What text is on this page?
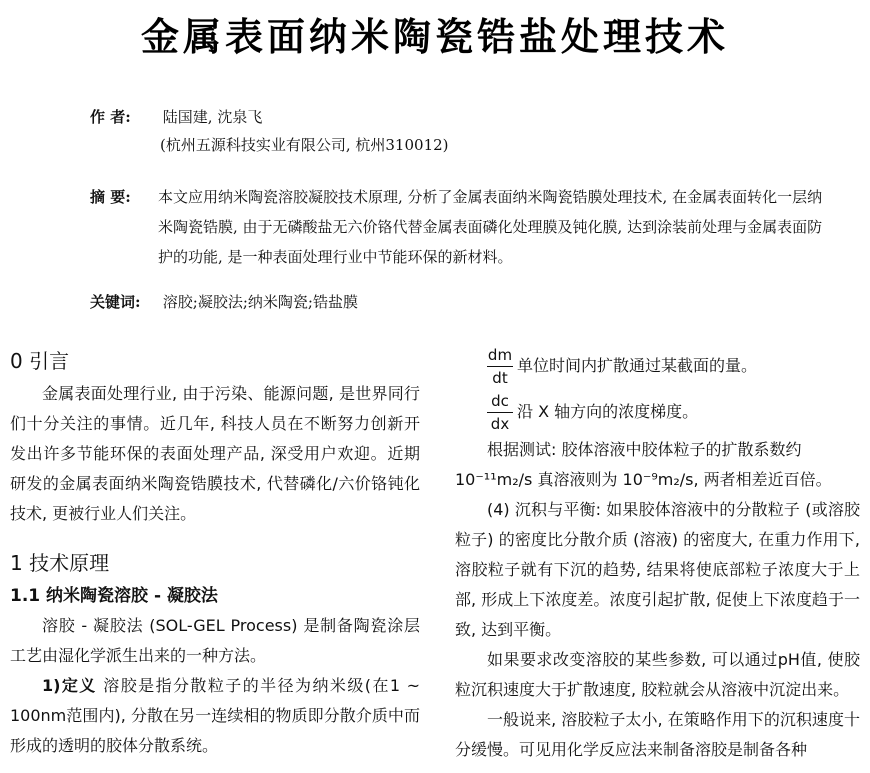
金属表面纳米陶瓷锆盐处理技术
作 者: 陆国建, 沈泉飞
(杭州五源科技实业有限公司, 杭州310012)
摘 要:	本文应用纳米陶瓷溶胶凝胶技术原理, 分析了金属表面纳米陶瓷锆膜处理技术, 在金属表面转化一层纳米陶瓷锆膜, 由于无磷酸盐无六价铬代替金属表面磷化处理膜及钝化膜, 达到涂装前处理与金属表面防护的功能, 是一种表面处理行业中节能环保的新材料。
关键词: 溶胶;凝胶法;纳米陶瓷;锆盐膜
0 引言

金属表面处理行业, 由于污染、能源问题, 是世界同行们十分关注的事情。近几年, 科技人员在不断努力创新开发出许多节能环保的表面处理产品, 深受用户欢迎。近期研发的金属表面纳米陶瓷锆膜技术, 代替磷化/六价铬钝化技术, 更被行业人们关注。

1 技术原理
1.1 纳米陶瓷溶胶 - 凝胶法

溶胶 - 凝胶法 (SOL-GEL Process) 是制备陶瓷涂层工艺由湿化学派生出来的一种方法。

1)定义 溶胶是指分散粒子的半径为纳米级(在1 ~ 100nm范围内), 分散在另一连续相的物质即分散介质中而形成的透明的胶体分散系统。

$\frac{dm}{dt}$ 单位时间内扩散通过某截面的量。
$\frac{dc}{dx}$ 沿 X 轴方向的浓度梯度。

根据测试: 胶体溶液中胶体粒子的扩散系数约

10⁻¹¹m₂/s 真溶液则为 10⁻⁹m₂/s, 两者相差近百倍。

(4) 沉积与平衡: 如果胶体溶液中的分散粒子 (或溶胶粒子) 的密度比分散介质 (溶液) 的密度大, 在重力作用下, 溶胶粒子就有下沉的趋势, 结果将使底部粒子浓度大于上部, 形成上下浓度差。浓度引起扩散, 促使上下浓度趋于一致, 达到平衡。

如果要求改变溶胶的某些参数, 可以通过pH值, 使胶粒沉积速度大于扩散速度, 胶粒就会从溶液中沉淀出来。

一般说来, 溶胶粒子太小, 在策略作用下的沉积速度十分缓慢。可见用化学反应法来制备溶胶是制备各种
